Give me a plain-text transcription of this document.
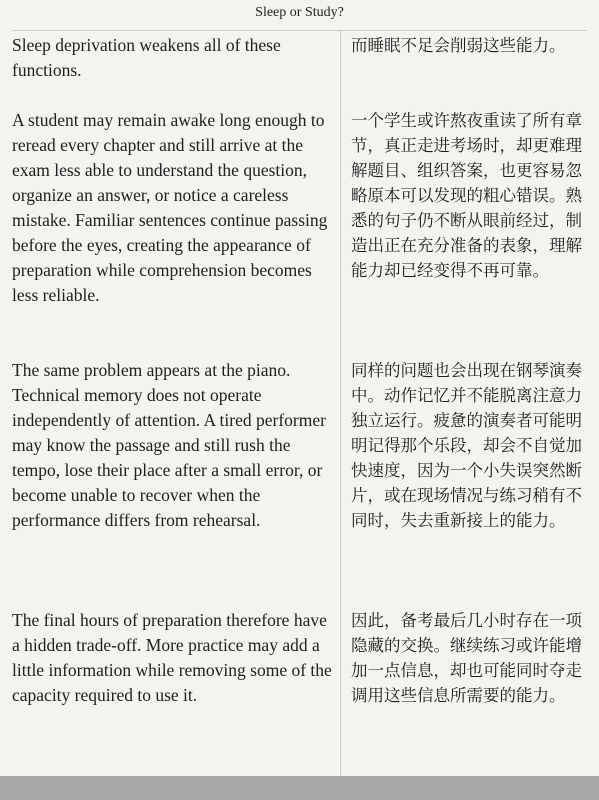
Sleep or Study?
Sleep deprivation weakens all of these functions.
而睡眠不足会削弱这些能力。
A student may remain awake long enough to reread every chapter and still arrive at the exam less able to understand the question, organize an answer, or notice a careless mistake. Familiar sentences continue passing before the eyes, creating the appearance of preparation while comprehension becomes less reliable.
一个学生或许熬夜重读了所有章节，真正走进考场时，却更难理解题目、组织答案，也更容易忽略原本可以发现的粗心错误。熟悉的句子仍不断从眼前经过，制造出正在充分准备的表象，理解能力却已经变得不再可靠。
The same problem appears at the piano. Technical memory does not operate independently of attention. A tired performer may know the passage and still rush the tempo, lose their place after a small error, or become unable to recover when the performance differs from rehearsal.
同样的问题也会出现在钢琴演奏中。动作记忆并不能脱离注意力独立运行。疲惫的演奏者可能明明记得那个乐段，却会不自觉加快速度，因为一个小失误突然断片，或在现场情况与练习稍有不同时，失去重新接上的能力。
The final hours of preparation therefore have a hidden trade-off. More practice may add a little information while removing some of the capacity required to use it.
因此，备考最后几小时存在一项隐藏的交换。继续练习或许能增加一点信息，却也可能同时夺走调用这些信息所需要的能力。
